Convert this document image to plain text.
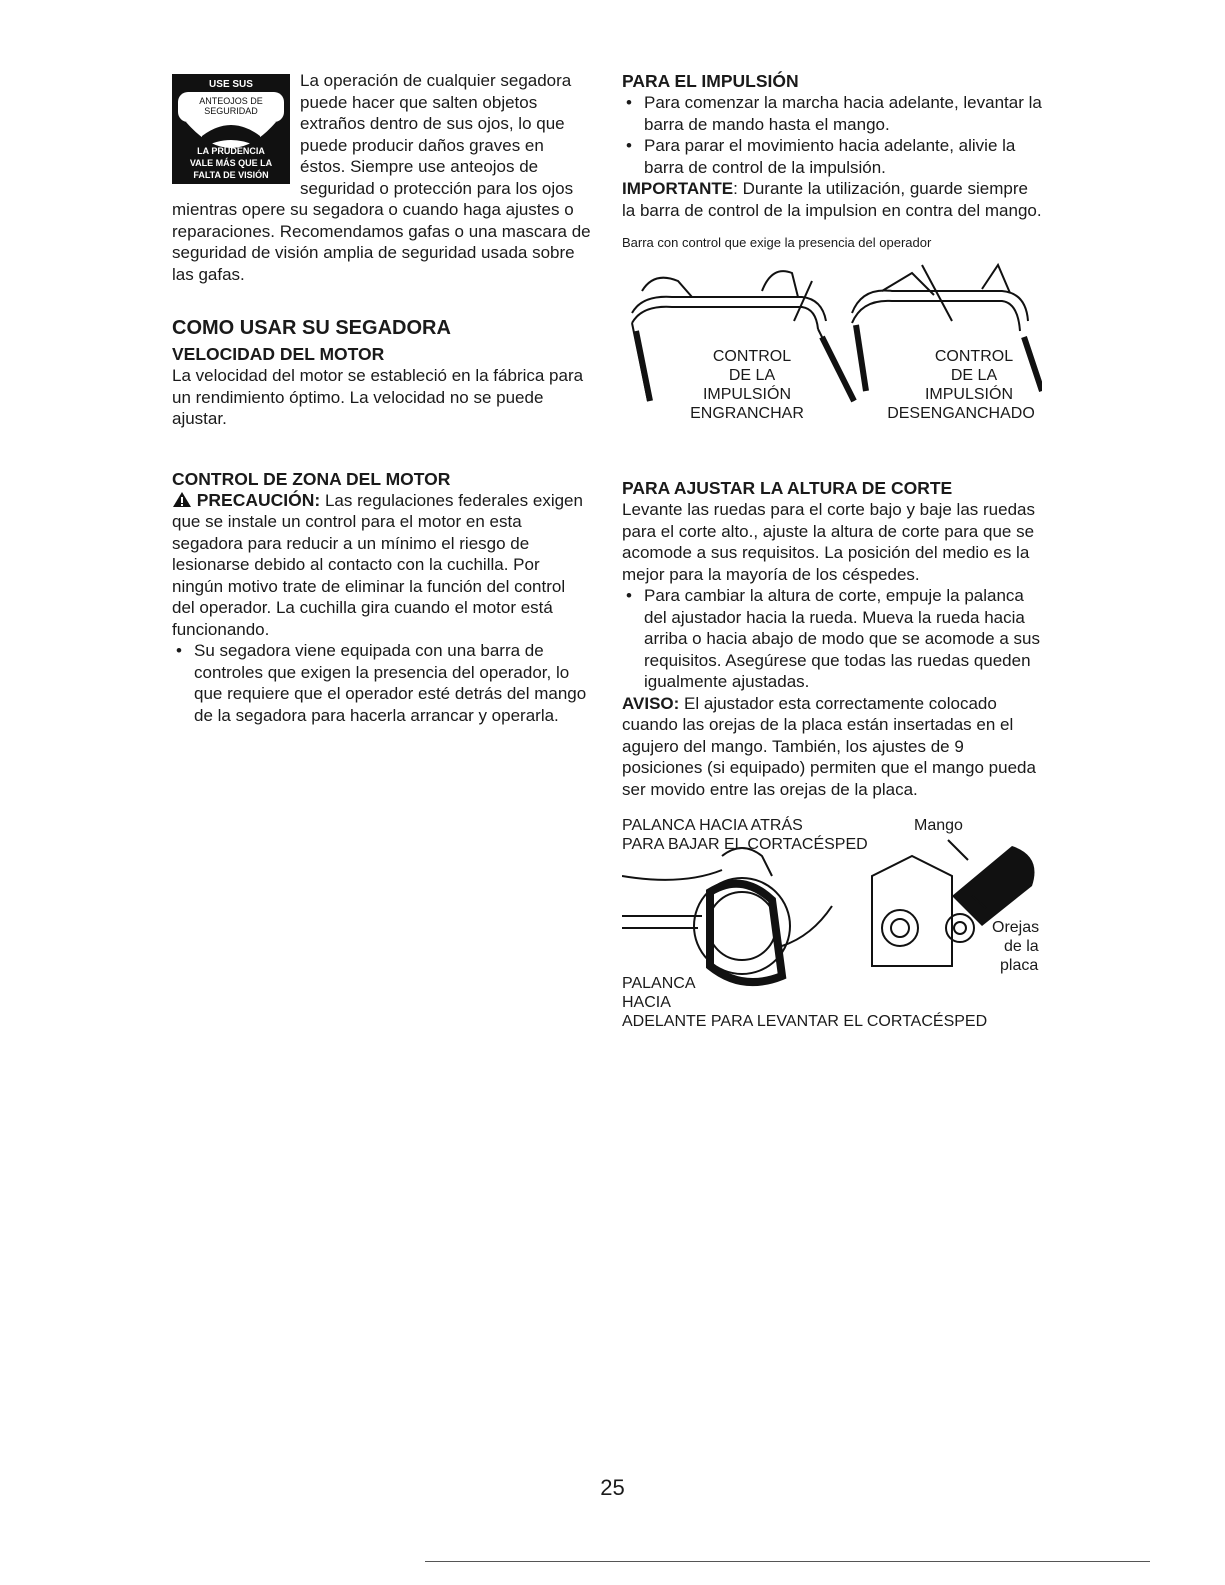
USE SUS
ANTEOJOS DE SEGURIDAD
LA PRUDENCIA
VALE MÁS QUE LA
FALTA DE VISIÓN

La operación de cualquier segadora puede hacer que salten objetos extraños dentro de sus ojos, lo que puede producir daños graves en éstos. Siempre use anteojos de seguridad o protección para los ojos mientras opere su segadora o cuando haga ajustes o reparaciones. Recomendamos gafas o una mascara de seguridad de visión amplia de seguridad usada sobre las gafas.

COMO USAR SU SEGADORA
VELOCIDAD DEL MOTOR

La velocidad del motor se estableció en la fábrica para un rendimiento óptimo. La velocidad no se puede ajustar.

CONTROL DE ZONA DEL MOTOR

PRECAUCIÓN: Las regulaciones federales exigen que se instale un control para el motor en esta segadora para reducir a un mínimo el riesgo de lesionarse debido al contacto con la cuchilla. Por ningún motivo trate de eliminar la función del control del operador. La cuchilla gira cuando el motor está funcionando.

• Su segadora viene equipada con una barra de controles que exigen la presencia del operador, lo que requiere que el operador esté detrás del mango de la segadora para hacerla arrancar y operarla.
PARA EL IMPULSIÓN
• Para comenzar la marcha hacia adelante, levantar la barra de mando hasta el mango.
• Para parar el movimiento hacia adelante, alivie la barra de control de la impulsión.

IMPORTANTE: Durante la utilización, guarde siempre la barra de control de la impulsion en contra del mango.

Barra con control que exige la presencia del operador
CONTROL
DE LA
IMPULSIÓN
ENGRANCHAR
CONTROL
DE LA
IMPULSIÓN
DESENGANCHADO
PARA AJUSTAR LA ALTURA DE CORTE

Levante las ruedas para el corte bajo y baje las ruedas para el corte alto., ajuste la altura de corte para que se acomode a sus requisitos. La posición del medio es la mejor para la mayoría de los céspedes.

• Para cambiar la altura de corte, empuje la palanca del ajustador hacia la rueda. Mueva la rueda hacia arriba o hacia abajo de modo que se acomode a sus requisitos. Asegúrese que todas las ruedas queden igualmente ajustadas.

AVISO: El ajustador esta correctamente colocado cuando las orejas de la placa están insertadas en el agujero del mango. También, los ajustes de 9 posiciones (si equipado) permiten que el mango pueda ser movido entre las orejas de la placa.

PALANCA HACIA ATRÁS
PARA BAJAR EL CORTACÉSPED
Mango
Orejas
de la
placa
PALANCA
HACIA
ADELANTE PARA LEVANTAR EL CORTACÉSPED
25
